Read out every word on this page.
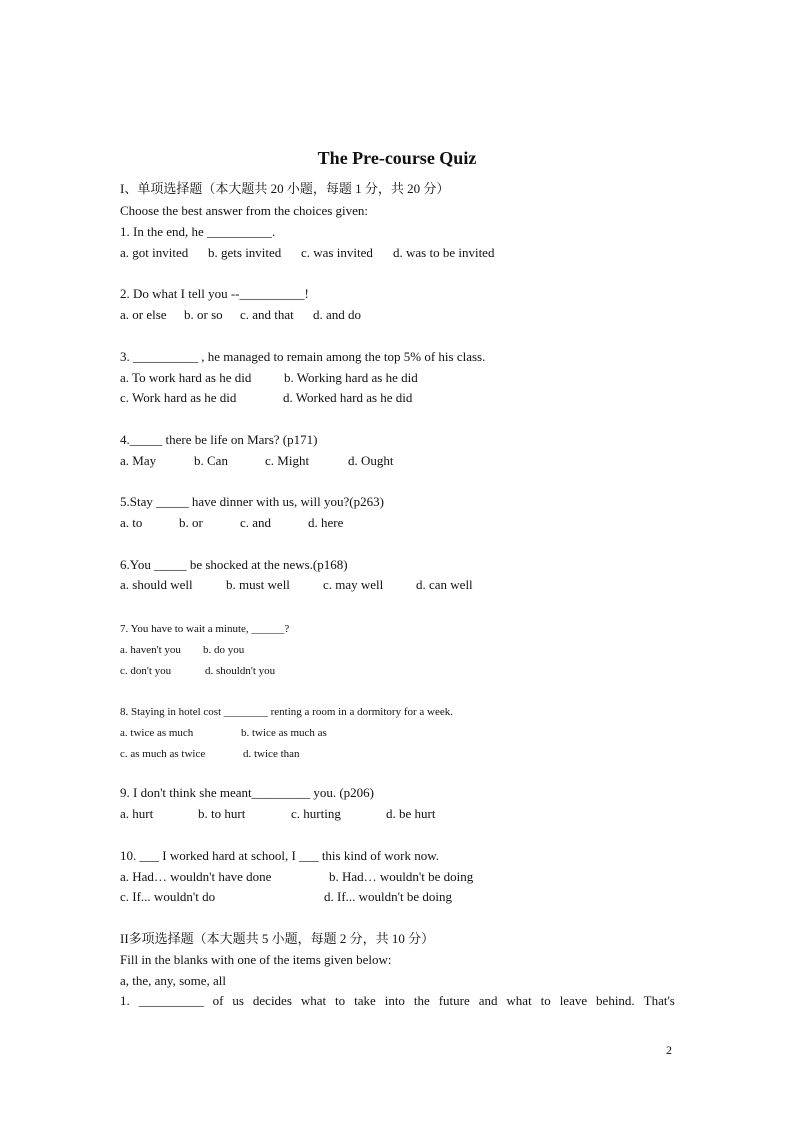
The Pre-course Quiz
I、单项选择题（本大题共 20 小题，每题 1 分，共 20 分）
Choose the best answer from the choices given:
1. In the end, he __________.
a. got invited b. gets invited c. was invited d. was to be invited
2. Do what I tell you --__________!
a. or else b. or so c. and that d. and do
3. __________ , he managed to remain among the top 5% of his class.
a. To work hard as he did	b. Working hard as he did
c. Work hard as he did	d. Worked hard as he did
4._____ there be life on Mars? (p171)
a. May	b. Can	c. Might	d. Ought
5.Stay _____ have dinner with us, will you?(p263)
a. to	b. or	c. and	d. here
6.You _____ be shocked at the news.(p168)
a. should well	b. must well	c. may well	d. can well
7. You have to wait a minute, ______?
a. haven't you b. do you
c. don't you	d. shouldn't you
8. Staying in hotel cost ________ renting a room in a dormitory for a week.
a. twice as much	b. twice as much as
c. as much as twice	d. twice than
9. I don't think she meant_________ you. (p206)
a. hurt	b. to hurt	c. hurting	d. be hurt
10. ___ I worked hard at school, I ___ this kind of work now.
a. Had… wouldn't have done	b. Had… wouldn't be doing
c. If... wouldn't do	d. If... wouldn't be doing
II多项选择题（本大题共 5 小题，每题 2 分，共 10 分）
Fill in the blanks with one of the items given below:
a, the, any, some, all
1. __________ of us decides what to take into the future and what to leave behind. That's
2
